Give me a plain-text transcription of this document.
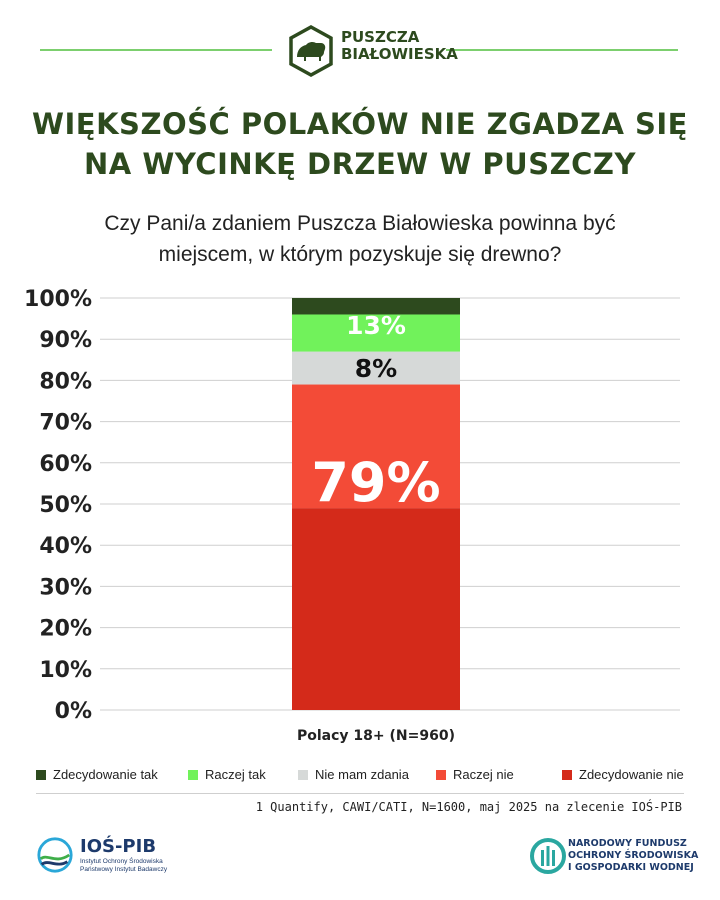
PUSZCZA
BIAŁOWIESKA
WIĘKSZOŚĆ POLAKÓW NIE ZGADZA SIĘ
NA WYCINKĘ DRZEW W PUSZCZY
Czy Pani/a zdaniem Puszcza Białowieska powinna być
miejscem, w którym pozyskuje się drewno?
0%
10%
20%
30%
40%
50%
60%
70%
80%
90%
100%
79%
8%
13%
Polacy 18+ (N=960)
Zdecydowanie tak	Raczej tak	Nie mam zdania	Raczej nie	Zdecydowanie nie
1 Quantify, CAWI/CATI, N=1600, maj 2025 na zlecenie IOŚ-PIB
IOŚ-PIB
Instytut Ochrony Środowiska
Państwowy Instytut Badawczy
NARODOWY FUNDUSZ
OCHRONY ŚRODOWISKA
I GOSPODARKI WODNEJ
